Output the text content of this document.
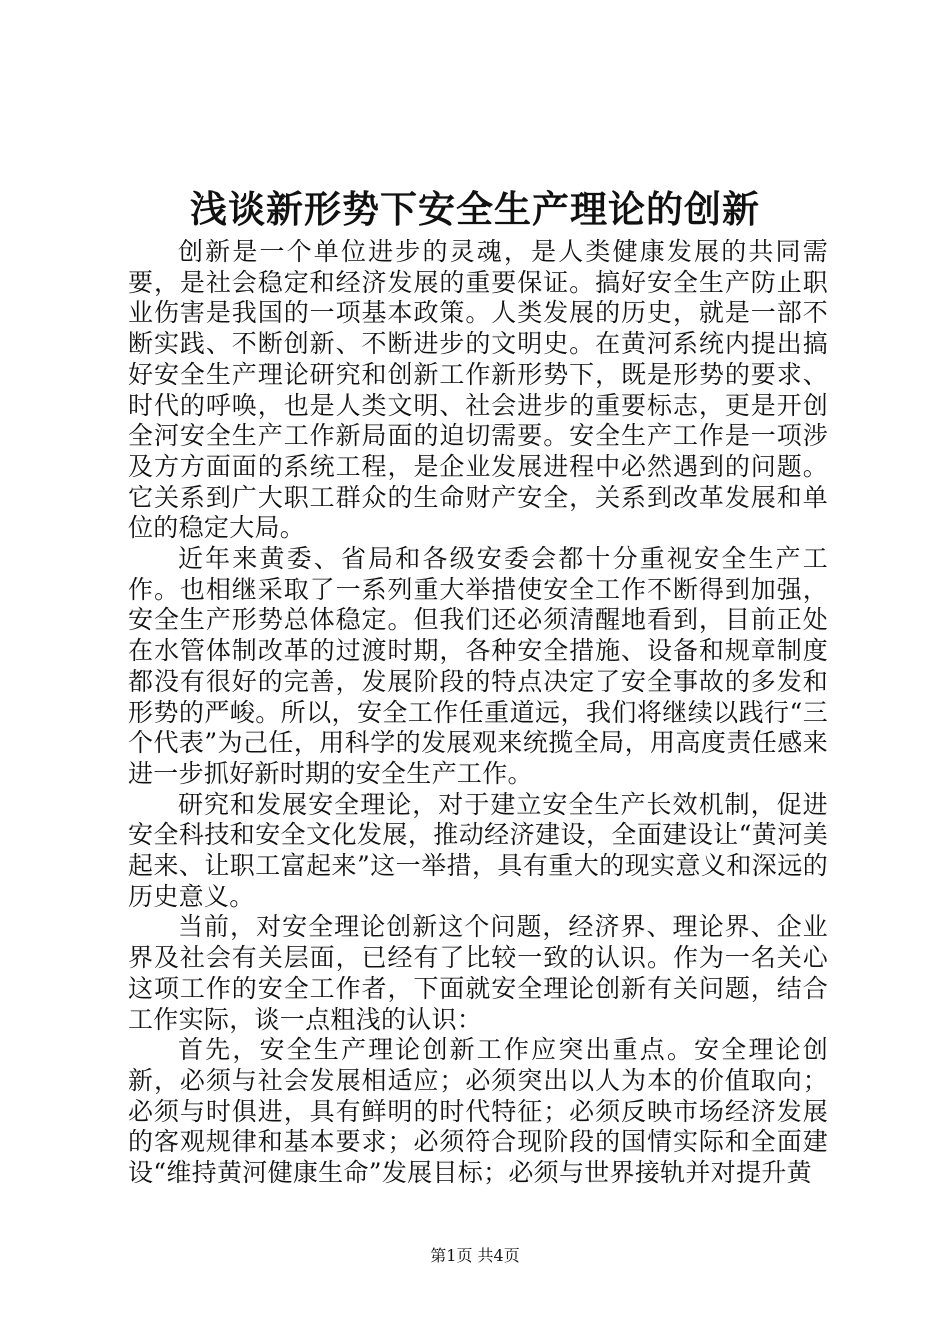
浅谈新形势下安全生产理论的创新

创新是一个单位进步的灵魂，是人类健康发展的共同需要，是社会稳定和经济发展的重要保证。搞好安全生产防止职业伤害是我国的一项基本政策。人类发展的历史，就是一部不断实践、不断创新、不断进步的文明史。在黄河系统内提出搞好安全生产理论研究和创新工作新形势下，既是形势的要求、时代的呼唤，也是人类文明、社会进步的重要标志，更是开创全河安全生产工作新局面的迫切需要。安全生产工作是一项涉及方方面面的系统工程，是企业发展进程中必然遇到的问题。它关系到广大职工群众的生命财产安全，关系到改革发展和单位的稳定大局。

近年来黄委、省局和各级安委会都十分重视安全生产工作。也相继采取了一系列重大举措使安全工作不断得到加强，安全生产形势总体稳定。但我们还必须清醒地看到，目前正处在水管体制改革的过渡时期，各种安全措施、设备和规章制度都没有很好的完善，发展阶段的特点决定了安全事故的多发和形势的严峻。所以，安全工作任重道远，我们将继续以践行“三个代表”为己任，用科学的发展观来统揽全局，用高度责任感来进一步抓好新时期的安全生产工作。

研究和发展安全理论，对于建立安全生产长效机制，促进安全科技和安全文化发展，推动经济建设，全面建设让“黄河美起来、让职工富起来”这一举措，具有重大的现实意义和深远的历史意义。

当前，对安全理论创新这个问题，经济界、理论界、企业界及社会有关层面，已经有了比较一致的认识。作为一名关心这项工作的安全工作者，下面就安全理论创新有关问题，结合工作实际，谈一点粗浅的认识：

首先，安全生产理论创新工作应突出重点。安全理论创新，必须与社会发展相适应；必须突出以人为本的价值取向；必须与时俱进，具有鲜明的时代特征；必须反映市场经济发展的客观规律和基本要求；必须符合现阶段的国情实际和全面建设“维持黄河健康生命”发展目标；必须与世界接轨并对提升黄

第1页 共4页
